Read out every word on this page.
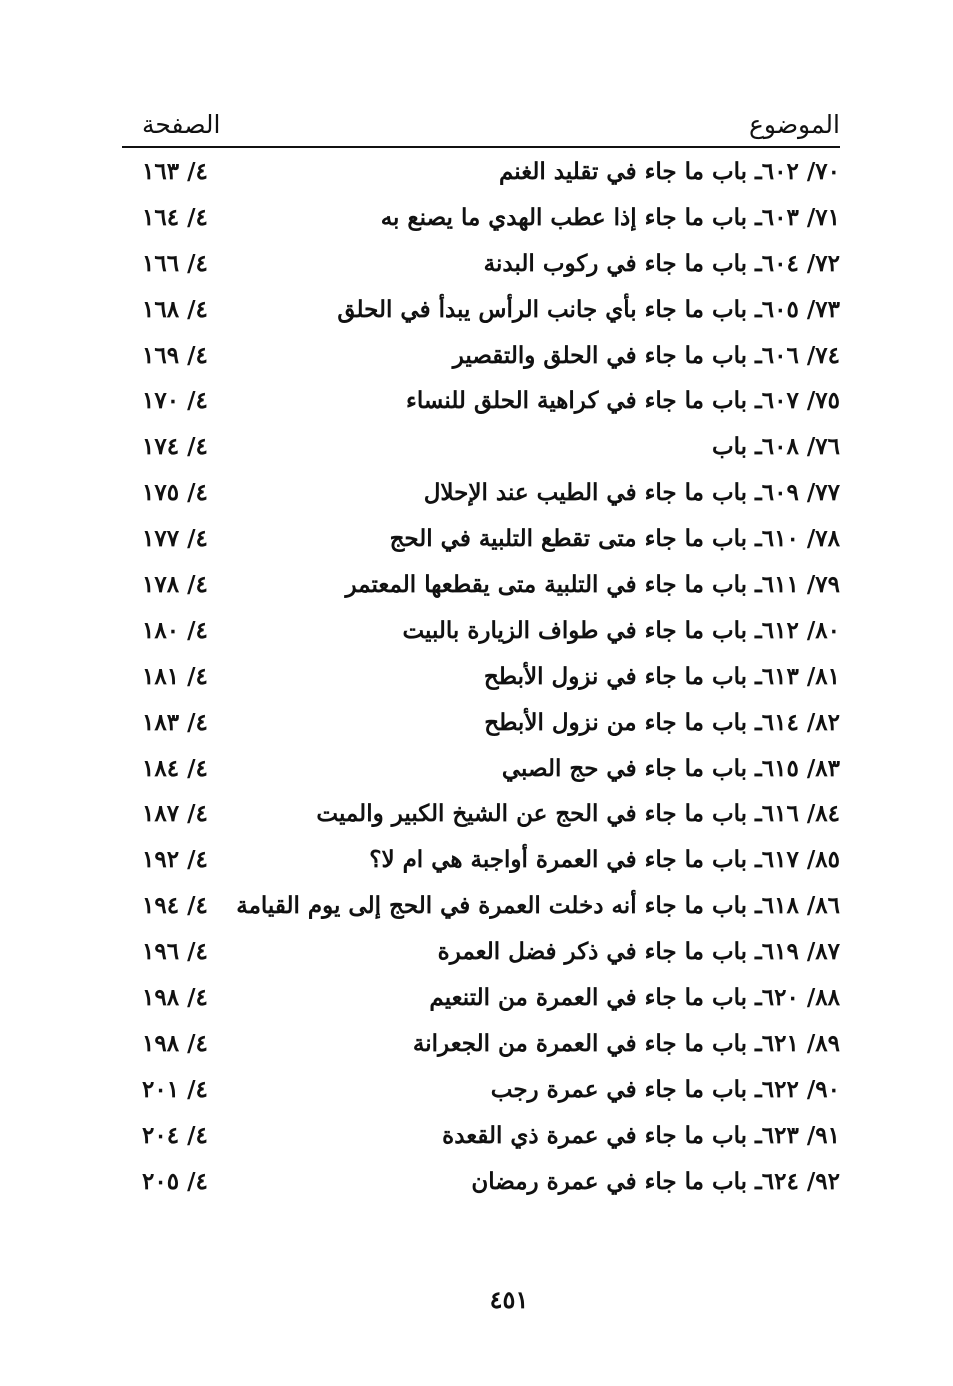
الموضوع
الصفحة
٧٠/ ٦٠٢ـ باب ما جاء في تقليد الغنم
٤/ ١٦٣
٧١/ ٦٠٣ـ باب ما جاء إذا عطب الهدي ما يصنع به
٤/ ١٦٤
٧٢/ ٦٠٤ـ باب ما جاء في ركوب البدنة
٤/ ١٦٦
٧٣/ ٦٠٥ـ باب ما جاء بأي جانب الرأس يبدأ في الحلق
٤/ ١٦٨
٧٤/ ٦٠٦ـ باب ما جاء في الحلق والتقصير
٤/ ١٦٩
٧٥/ ٦٠٧ـ باب ما جاء في كراهية الحلق للنساء
٤/ ١٧٠
٧٦/ ٦٠٨ـ باب
٤/ ١٧٤
٧٧/ ٦٠٩ـ باب ما جاء في الطيب عند الإحلال
٤/ ١٧٥
٧٨/ ٦١٠ـ باب ما جاء متى تقطع التلبية في الحج
٤/ ١٧٧
٧٩/ ٦١١ـ باب ما جاء في التلبية متى يقطعها المعتمر
٤/ ١٧٨
٨٠/ ٦١٢ـ باب ما جاء في طواف الزيارة بالبيت
٤/ ١٨٠
٨١/ ٦١٣ـ باب ما جاء في نزول الأبطح
٤/ ١٨١
٨٢/ ٦١٤ـ باب ما جاء من نزول الأبطح
٤/ ١٨٣
٨٣/ ٦١٥ـ باب ما جاء في حج الصبي
٤/ ١٨٤
٨٤/ ٦١٦ـ باب ما جاء في الحج عن الشيخ الكبير والميت
٤/ ١٨٧
٨٥/ ٦١٧ـ باب ما جاء في العمرة أواجبة هي ام لا؟
٤/ ١٩٢
٨٦/ ٦١٨ـ باب ما جاء أنه دخلت العمرة في الحج إلى يوم القيامة
٤/ ١٩٤
٨٧/ ٦١٩ـ باب ما جاء في ذكر فضل العمرة
٤/ ١٩٦
٨٨/ ٦٢٠ـ باب ما جاء في العمرة من التنعيم
٤/ ١٩٨
٨٩/ ٦٢١ـ باب ما جاء في العمرة من الجعرانة
٤/ ١٩٨
٩٠/ ٦٢٢ـ باب ما جاء في عمرة رجب
٤/ ٢٠١
٩١/ ٦٢٣ـ باب ما جاء في عمرة ذي القعدة
٤/ ٢٠٤
٩٢/ ٦٢٤ـ باب ما جاء في عمرة رمضان
٤/ ٢٠٥
٤٥١
